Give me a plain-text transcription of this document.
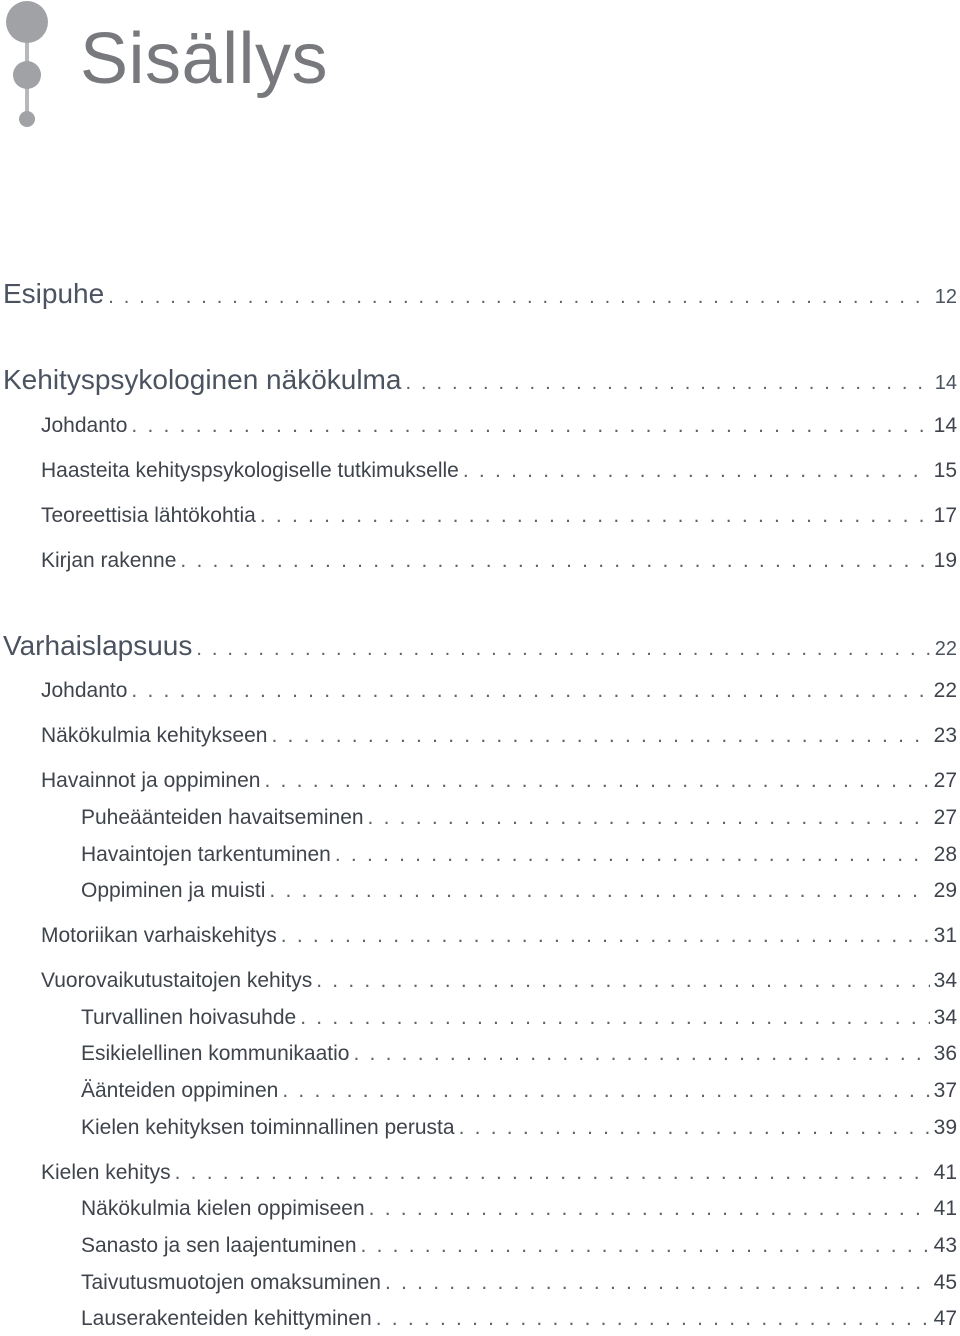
Sisällys
Esipuhe . . .	12
Kehityspsykologinen näkökulma . . .	14
Johdanto . . .	14
Haasteita kehityspsykologiselle tutkimukselle . . .	15
Teoreettisia lähtökohtia . . .	17
Kirjan rakenne . . .	19
Varhaislapsuus . . .	22
Johdanto . . .	22
Näkökulmia kehitykseen . . .	23
Havainnot ja oppiminen . . .	27
Puheäänteiden havaitseminen . . .	27
Havaintojen tarkentuminen . . .	28
Oppiminen ja muisti . . .	29
Motoriikan varhaiskehitys . . .	31
Vuorovaikutustaitojen kehitys . . .	34
Turvallinen hoivasuhde . . .	34
Esikielellinen kommunikaatio . . .	36
Äänteiden oppiminen . . .	37
Kielen kehityksen toiminnallinen perusta . . .	39
Kielen kehitys . . .	41
Näkökulmia kielen oppimiseen . . .	41
Sanasto ja sen laajentuminen . . .	43
Taivutusmuotojen omaksuminen . . .	45
Lauserakenteiden kehittyminen . . .	47
